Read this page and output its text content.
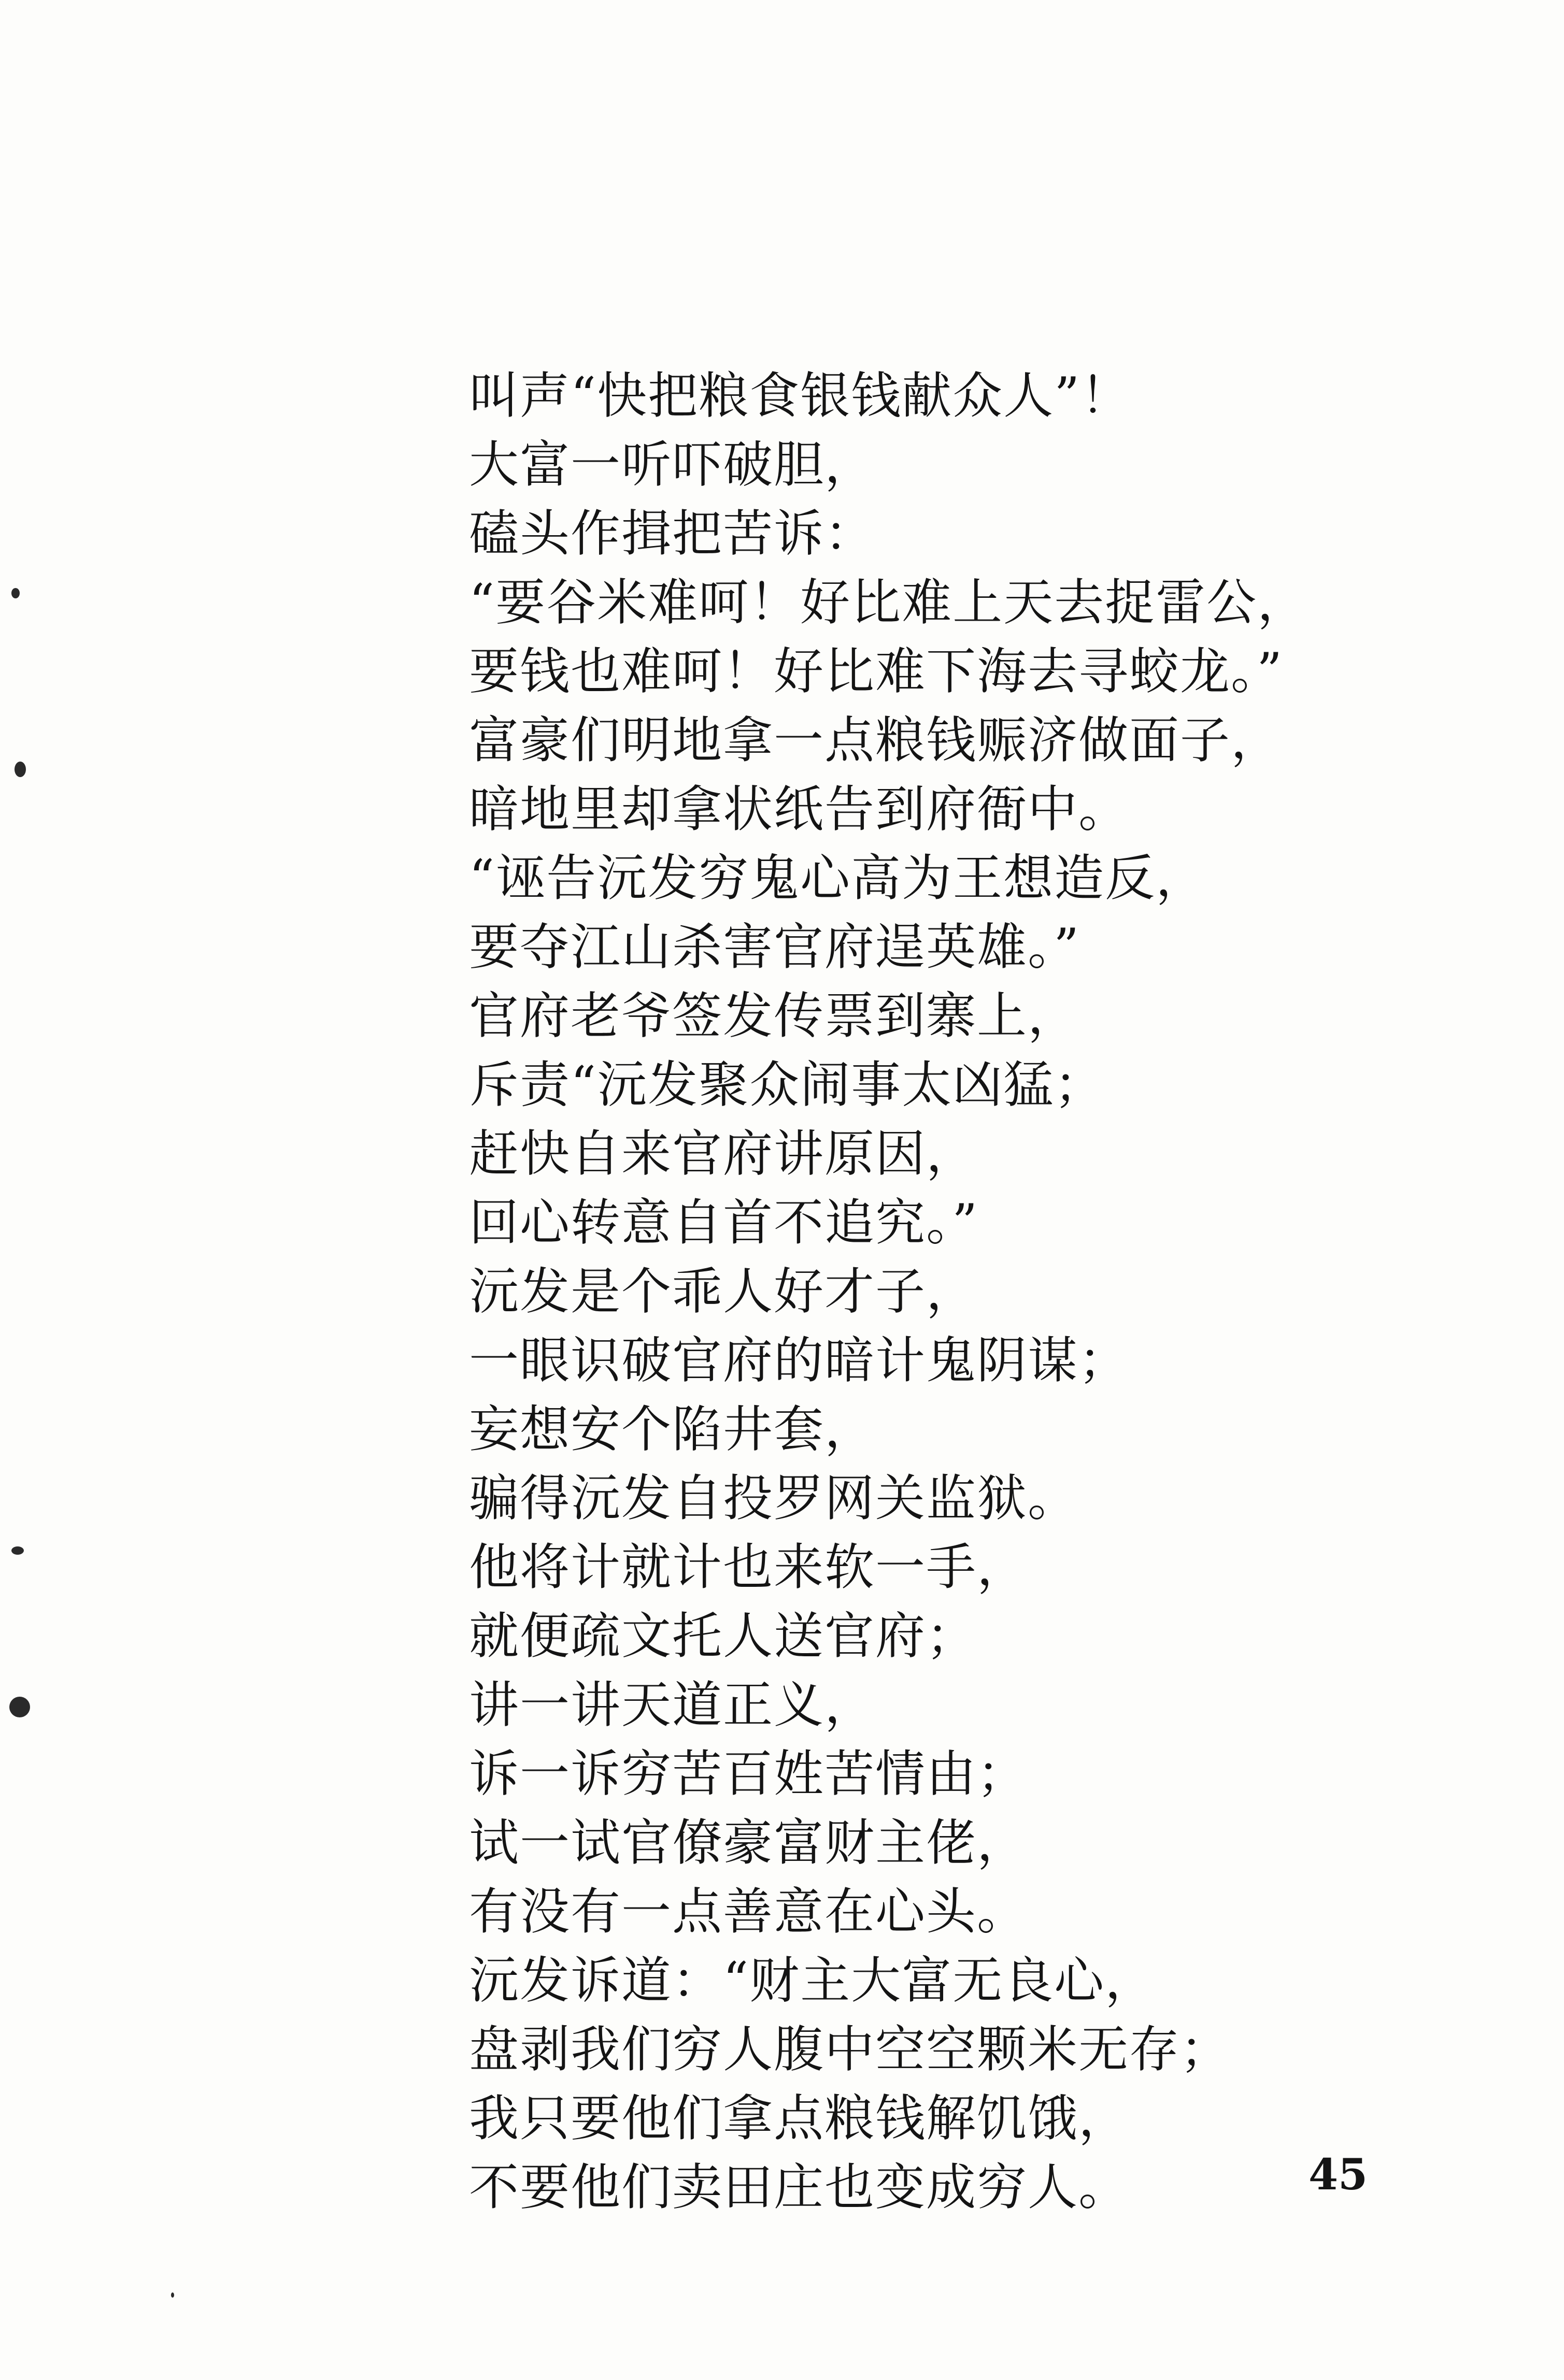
叫声“快把粮食银钱献众人”！
大富一听吓破胆，
磕头作揖把苦诉：
“要谷米难呵！好比难上天去捉雷公，
要钱也难呵！好比难下海去寻蛟龙。”
富豪们明地拿一点粮钱赈济做面子，
暗地里却拿状纸告到府衙中。
“诬告沅发穷鬼心高为王想造反，
要夺江山杀害官府逞英雄。”
官府老爷签发传票到寨上，
斥责“沅发聚众闹事太凶猛；
赶快自来官府讲原因，
回心转意自首不追究。”
沅发是个乖人好才子，
一眼识破官府的暗计鬼阴谋；
妄想安个陷井套，
骗得沅发自投罗网关监狱。
他将计就计也来软一手，
就便疏文托人送官府；
讲一讲天道正义，
诉一诉穷苦百姓苦情由；
试一试官僚豪富财主佬，
有没有一点善意在心头。
沅发诉道：“财主大富无良心，
盘剥我们穷人腹中空空颗米无存；
我只要他们拿点粮钱解饥饿，
不要他们卖田庄也变成穷人。	45
